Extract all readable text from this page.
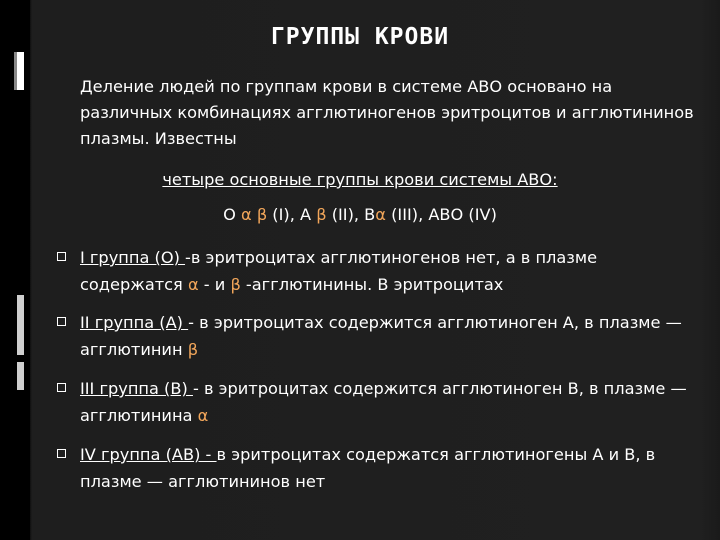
ГРУППЫ КРОВИ
Деление людей по группам крови в системе АВО основано на различных комбинациях агглютиногенов эритроцитов и агглютининов плазмы. Известны
четыре основные группы крови системы АВО:
О α β (I), А β (II), Вα (III), АВО (IV)
I группа (О) -в эритроцитах агглютиногенов нет, а в плазме содержатся α - и β -агглютинины. В эритроцитах
II группа (А) - в эритроцитах содержится агглютиноген А, в плазме —агглютинин β
III группа (В) - в эритроцитах содержится агглютиноген В, в плазме — агглютинина α
IV группа (АВ) - в эритроцитах содержатся агглютиногены А и В, в плазме — агглютининов нет
